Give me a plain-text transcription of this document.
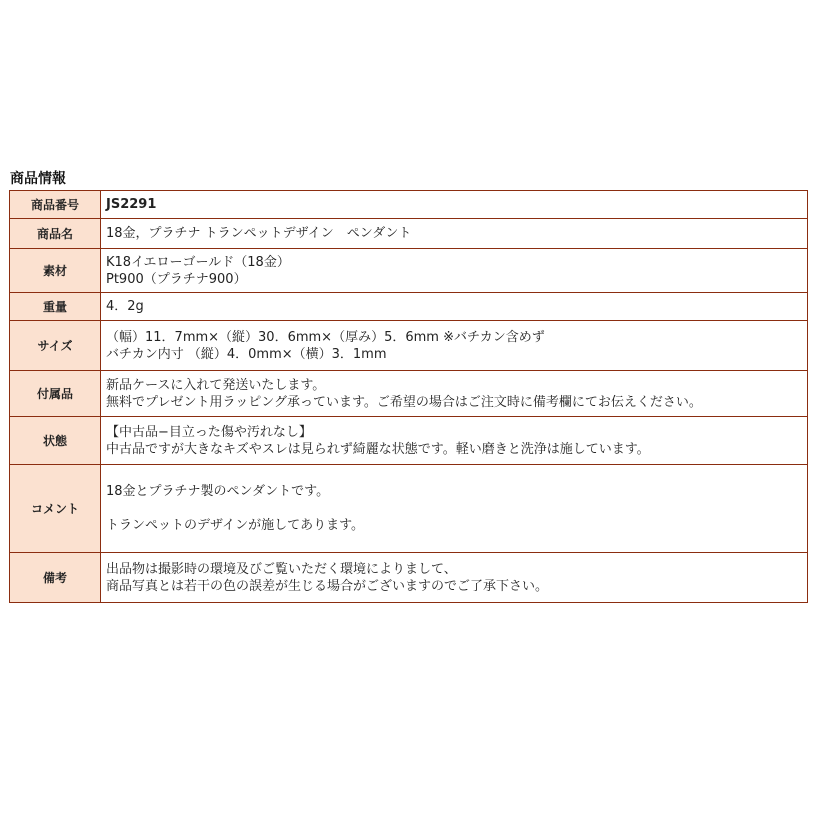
商品情報
商品番号	JS2291

商品名	18金，プラチナ トランペットデザイン　ペンダント

素材	K18イエローゴールド（18金）
Pt900（プラチナ900）

重量	4．2g

サイズ	（幅）11．7mm×（縦）30．6mm×（厚み）5．6mm ※バチカン含めず
バチカン内寸 （縦）4．0mm×（横）3．1mm

付属品	新品ケースに入れて発送いたします。
無料でプレゼント用ラッピング承っています。ご希望の場合はご注文時に備考欄にてお伝えください。

状態	【中古品−目立った傷や汚れなし】
中古品ですが大きなキズやスレは見られず綺麗な状態です。軽い磨きと洗浄は施しています。

コメント	18金とプラチナ製のペンダントです。
トランペットのデザインが施してあります。

備考	出品物は撮影時の環境及びご覧いただく環境によりまして、
商品写真とは若干の色の誤差が生じる場合がございますのでご了承下さい。
